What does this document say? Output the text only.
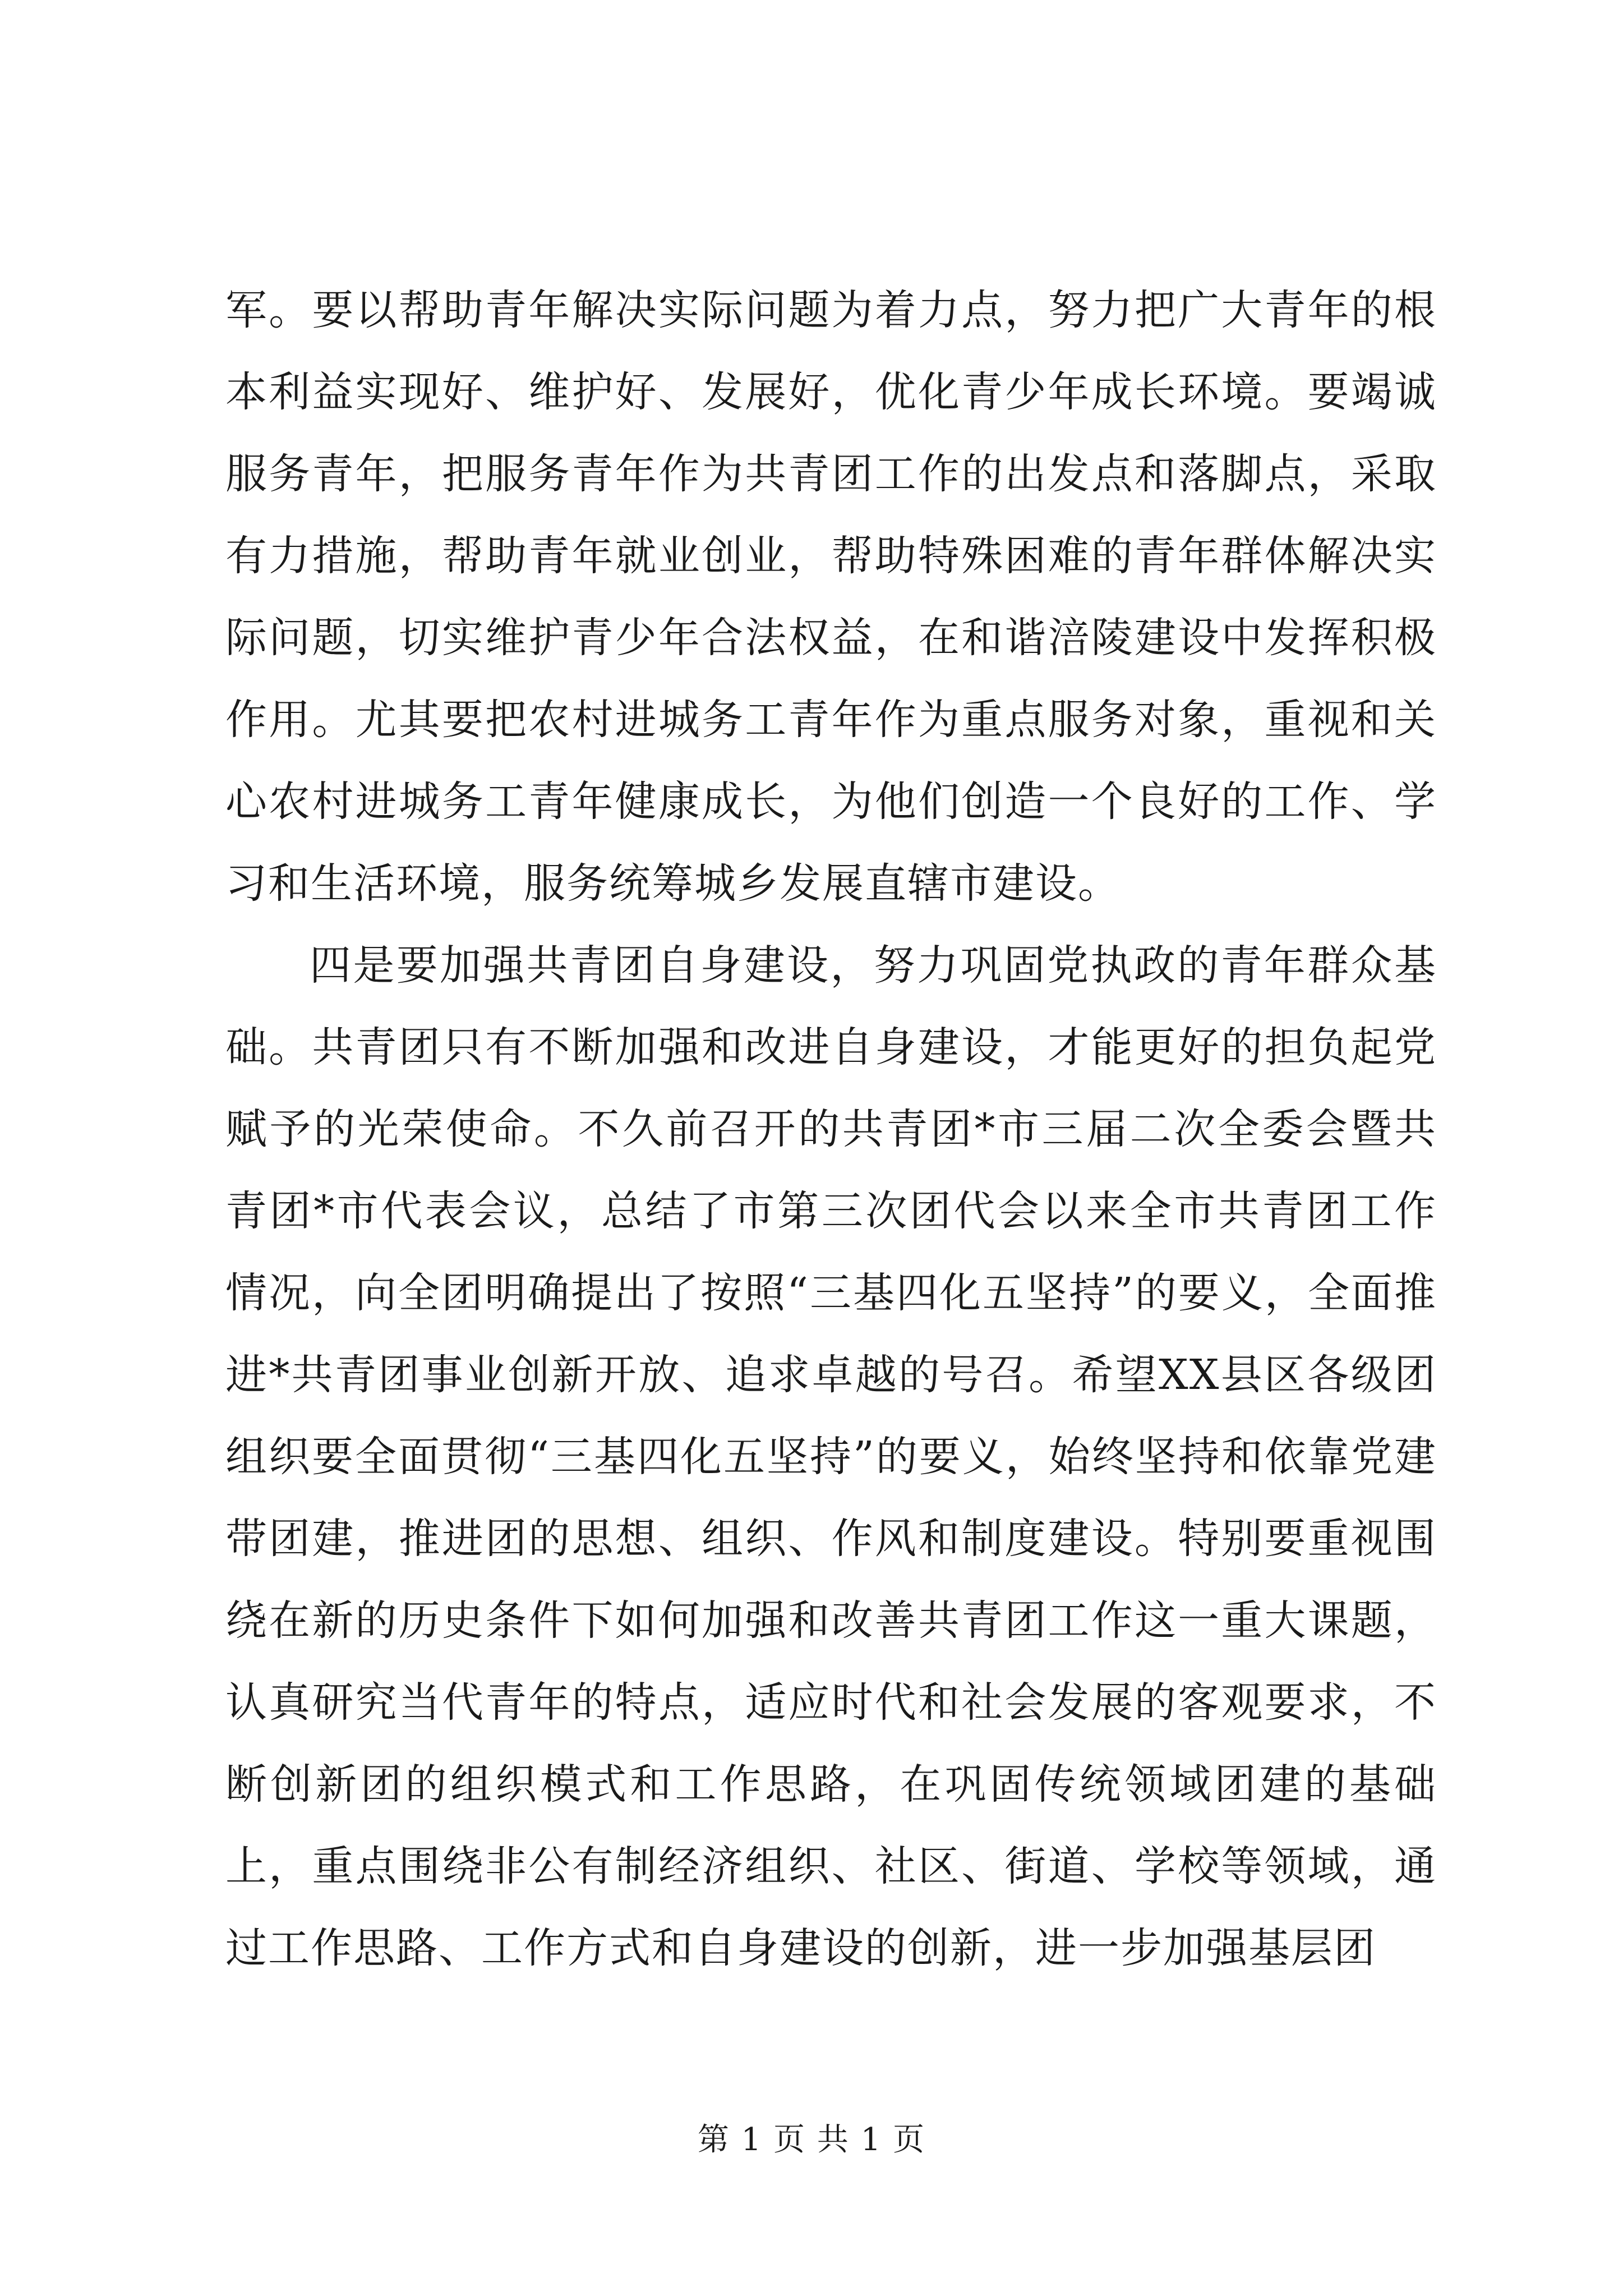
军。要以帮助青年解决实际问题为着力点，努力把广大青年的根本利益实现好、维护好、发展好，优化青少年成长环境。要竭诚服务青年，把服务青年作为共青团工作的出发点和落脚点，采取有力措施，帮助青年就业创业，帮助特殊困难的青年群体解决实际问题，切实维护青少年合法权益，在和谐涪陵建设中发挥积极作用。尤其要把农村进城务工青年作为重点服务对象，重视和关心农村进城务工青年健康成长，为他们创造一个良好的工作、学习和生活环境，服务统筹城乡发展直辖市建设。

四是要加强共青团自身建设，努力巩固党执政的青年群众基础。共青团只有不断加强和改进自身建设，才能更好的担负起党赋予的光荣使命。不久前召开的共青团*市三届二次全委会暨共青团*市代表会议，总结了市第三次团代会以来全市共青团工作情况，向全团明确提出了按照“三基四化五坚持”的要义，全面推进*共青团事业创新开放、追求卓越的号召。希望XX县区各级团组织要全面贯彻“三基四化五坚持”的要义，始终坚持和依靠党建带团建，推进团的思想、组织、作风和制度建设。特别要重视围绕在新的历史条件下如何加强和改善共青团工作这一重大课题，认真研究当代青年的特点，适应时代和社会发展的客观要求，不断创新团的组织模式和工作思路，在巩固传统领域团建的基础上，重点围绕非公有制经济组织、社区、街道、学校等领域，通过工作思路、工作方式和自身建设的创新，进一步加强基层团

第 1 页 共 1 页
